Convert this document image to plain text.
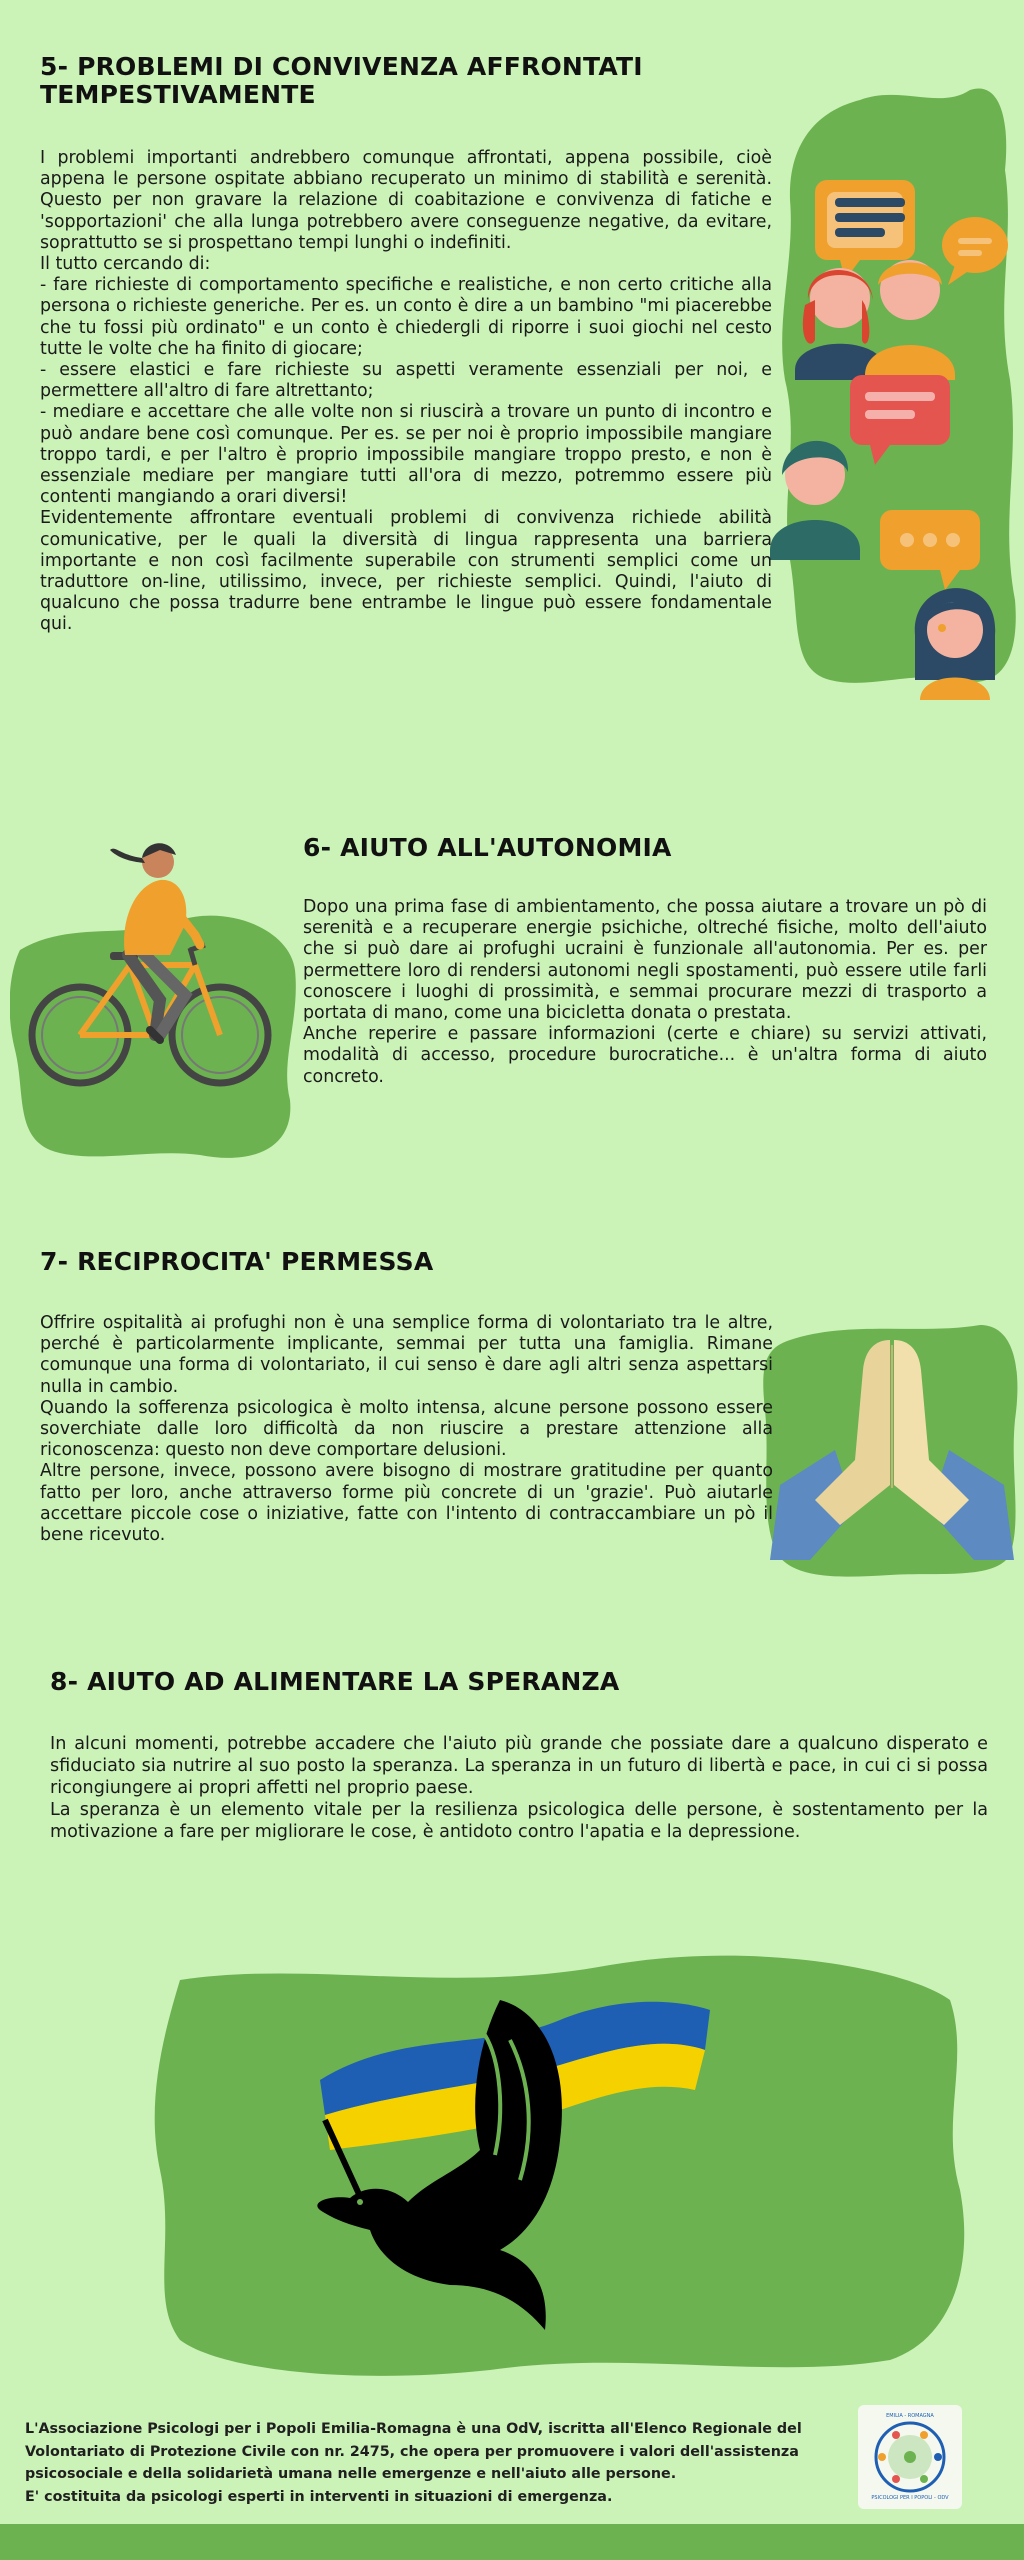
5- PROBLEMI DI CONVIVENZA AFFRONTATI
TEMPESTIVAMENTE

I problemi importanti andrebbero comunque affrontati, appena possibile, cioè appena le persone ospitate abbiano recuperato un minimo di stabilità e serenità. Questo per non gravare la relazione di coabitazione e convivenza di fatiche e 'sopportazioni' che alla lunga potrebbero avere conseguenze negative, da evitare, soprattutto se si prospettano tempi lunghi o indefiniti.
Il tutto cercando di:
- fare richieste di comportamento specifiche e realistiche, e non certo critiche alla persona o richieste generiche. Per es. un conto è dire a un bambino "mi piacerebbe che tu fossi più ordinato" e un conto è chiedergli di riporre i suoi giochi nel cesto tutte le volte che ha finito di giocare;
- essere elastici e fare richieste su aspetti veramente essenziali per noi, e permettere all'altro di fare altrettanto;
- mediare e accettare che alle volte non si riuscirà a trovare un punto di incontro e può andare bene così comunque. Per es. se per noi è proprio impossibile mangiare troppo tardi, e per l'altro è proprio impossibile mangiare troppo presto, e non è essenziale mediare per mangiare tutti all'ora di mezzo, potremmo essere più contenti mangiando a orari diversi!
Evidentemente affrontare eventuali problemi di convivenza richiede abilità comunicative, per le quali la diversità di lingua rappresenta una barriera importante e non così facilmente superabile con strumenti semplici come un traduttore on-line, utilissimo, invece, per richieste semplici. Quindi, l'aiuto di qualcuno che possa tradurre bene entrambe le lingue può essere fondamentale qui.

6- AIUTO ALL'AUTONOMIA

Dopo una prima fase di ambientamento, che possa aiutare a trovare un pò di serenità e a recuperare energie psichiche, oltreché fisiche, molto dell'aiuto che si può dare ai profughi ucraini è funzionale all'autonomia. Per es. per permettere loro di rendersi autonomi negli spostamenti, può essere utile farli conoscere i luoghi di prossimità, e semmai procurare mezzi di trasporto a portata di mano, come una bicicletta donata o prestata.
Anche reperire e passare informazioni (certe e chiare) su servizi attivati, modalità di accesso, procedure burocratiche... è un'altra forma di aiuto concreto.

7- RECIPROCITA' PERMESSA

Offrire ospitalità ai profughi non è una semplice forma di volontariato tra le altre, perché è particolarmente implicante, semmai per tutta una famiglia. Rimane comunque una forma di volontariato, il cui senso è dare agli altri senza aspettarsi nulla in cambio.
Quando la sofferenza psicologica è molto intensa, alcune persone possono essere soverchiate dalle loro difficoltà da non riuscire a prestare attenzione alla riconoscenza: questo non deve comportare delusioni.
Altre persone, invece, possono avere bisogno di mostrare gratitudine per quanto fatto per loro, anche attraverso forme più concrete di un 'grazie'. Può aiutarle accettare piccole cose o iniziative, fatte con l'intento di contraccambiare un pò il bene ricevuto.

8- AIUTO AD ALIMENTARE LA SPERANZA

In alcuni momenti, potrebbe accadere che l'aiuto più grande che possiate dare a qualcuno disperato e sfiduciato sia nutrire al suo posto la speranza. La speranza in un futuro di libertà e pace, in cui ci si possa ricongiungere ai propri affetti nel proprio paese.
La speranza è un elemento vitale per la resilienza psicologica delle persone, è sostentamento per la motivazione a fare per migliorare le cose, è antidoto contro l'apatia e la depressione.

L'Associazione Psicologi per i Popoli Emilia-Romagna è una OdV, iscritta all'Elenco Regionale del Volontariato di Protezione Civile con nr. 2475, che opera per promuovere i valori dell'assistenza psicosociale e della solidarietà umana nelle emergenze e nell'aiuto alle persone.
E' costituita da psicologi esperti in interventi in situazioni di emergenza.

EMILIA - ROMAGNA
PSICOLOGI PER I POPOLI - ODV
